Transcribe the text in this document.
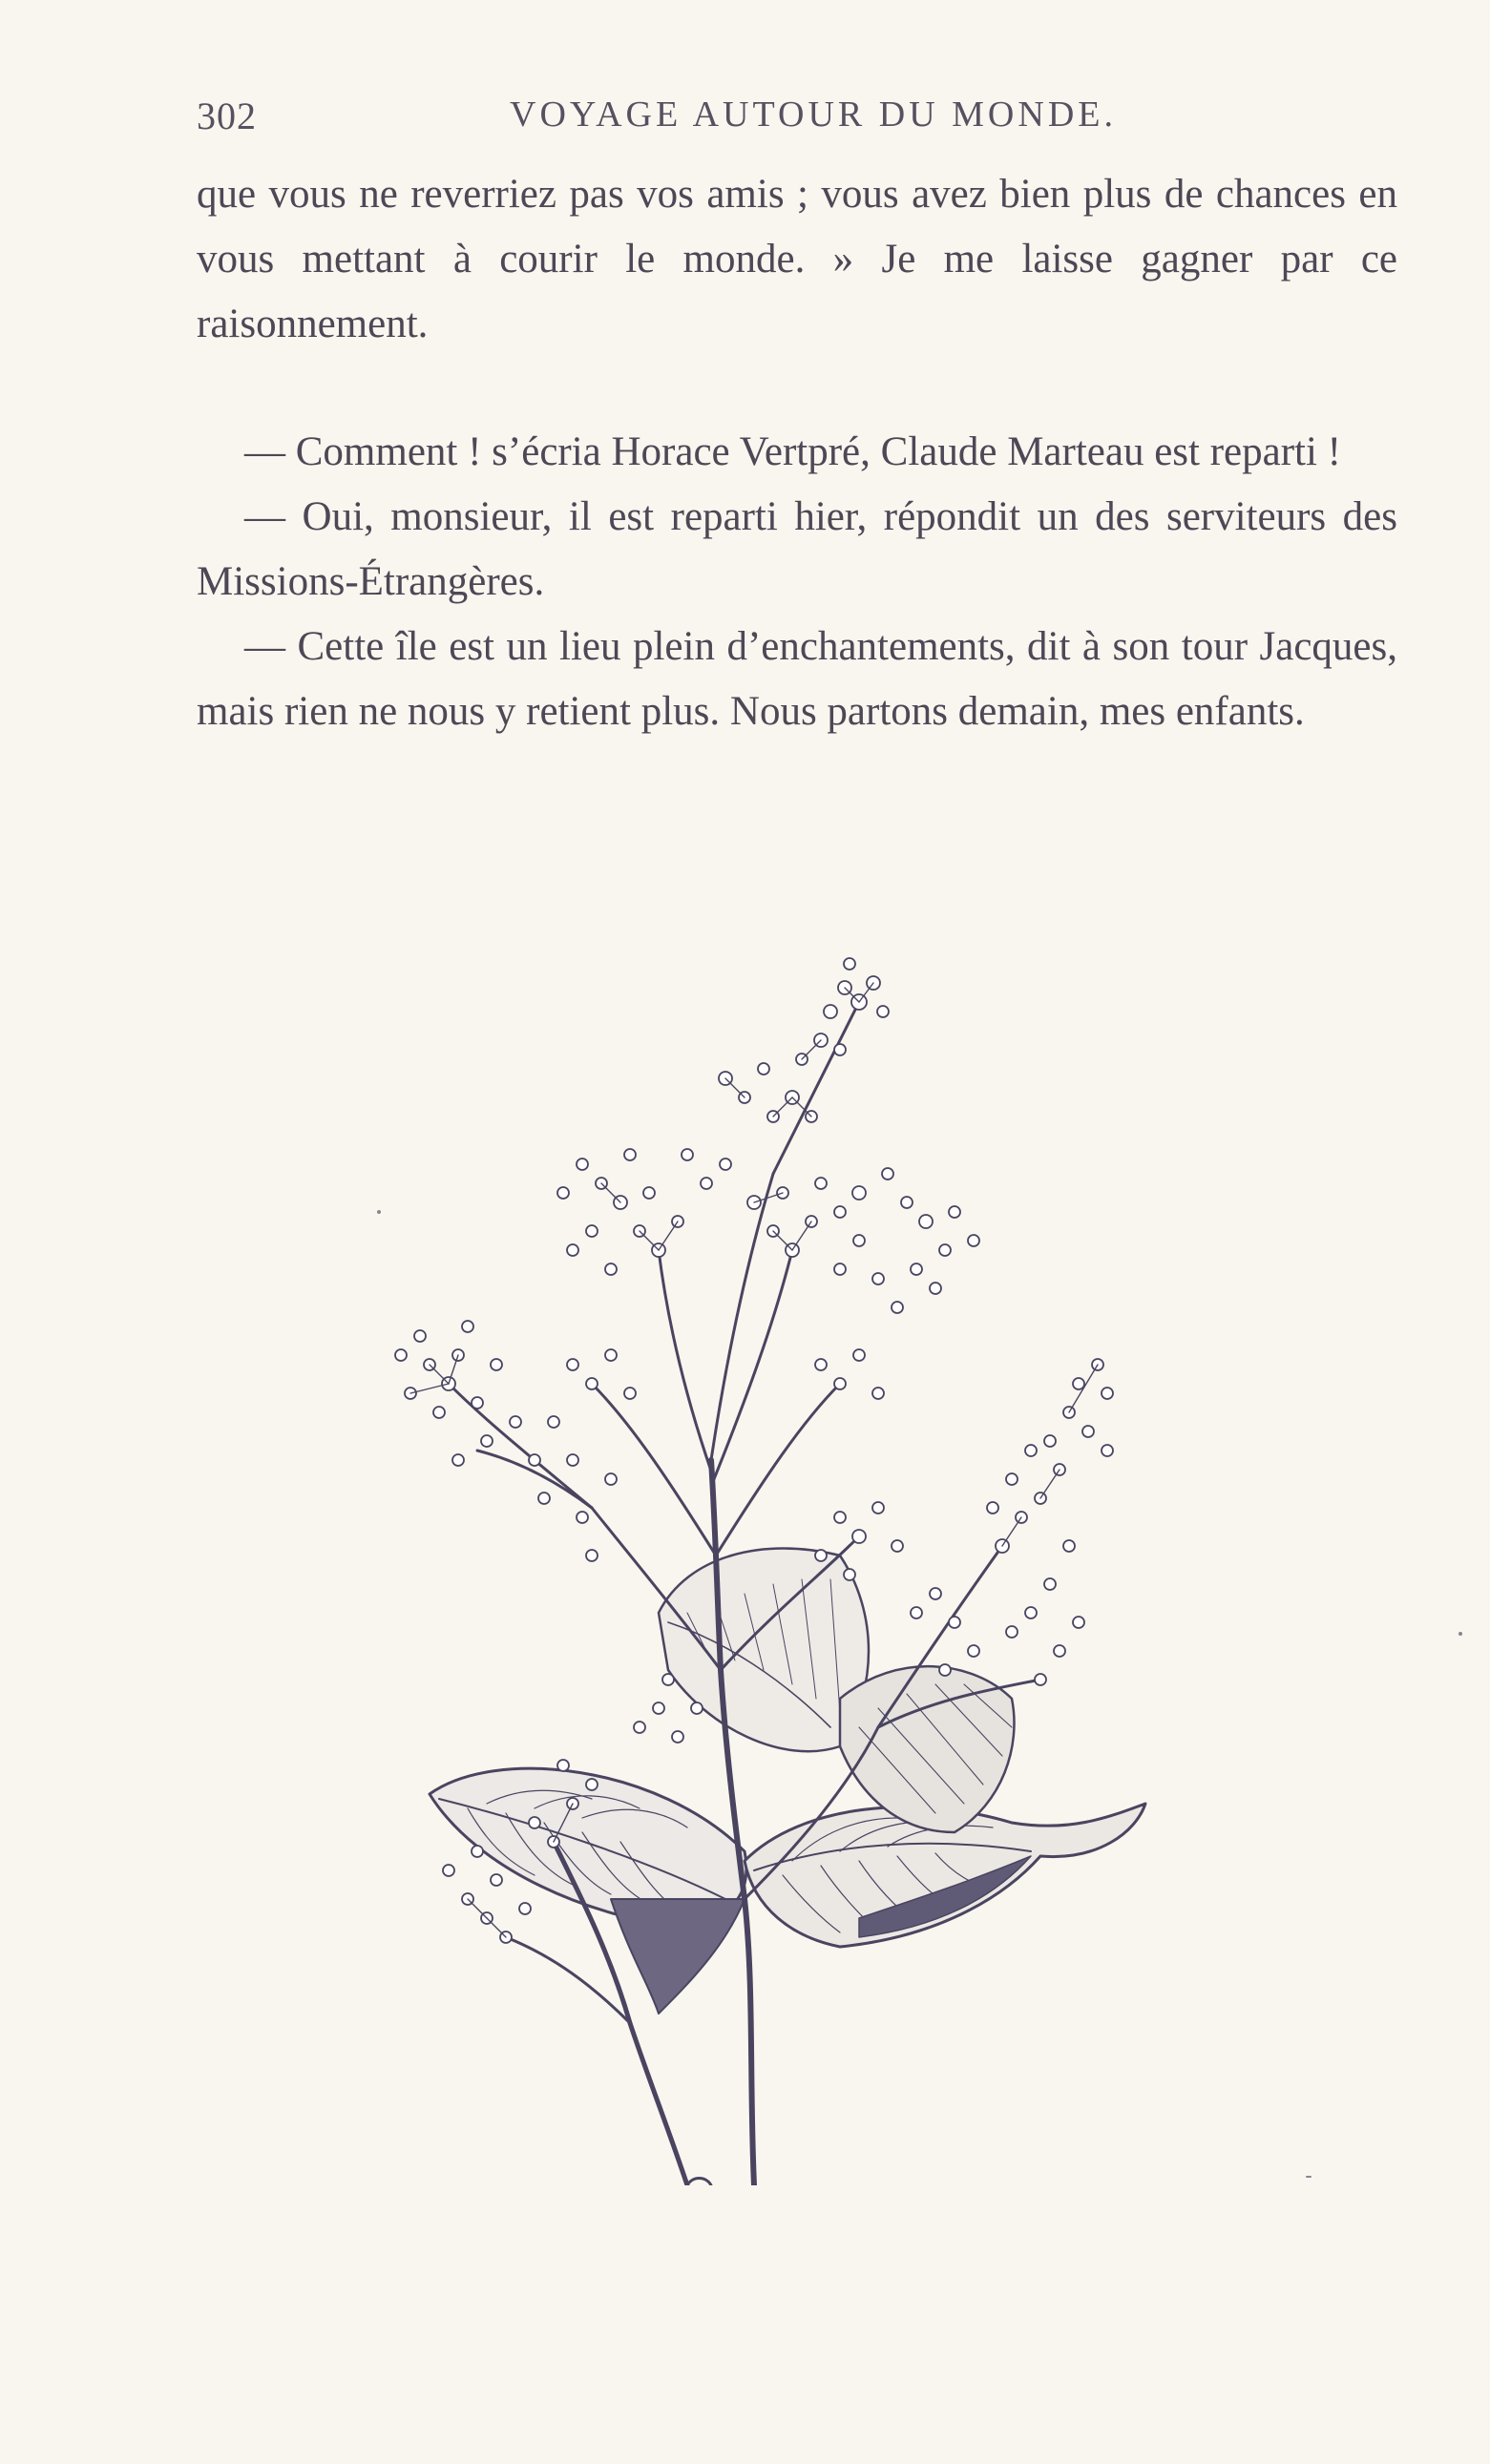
302	VOYAGE AUTOUR DU MONDE.

que vous ne reverriez pas vos amis ; vous avez bien plus de chances en vous mettant à courir le monde. » Je me laisse gagner par ce raisonnement.

— Comment ! s’écria Horace Vertpré, Claude Marteau est reparti !

— Oui, monsieur, il est reparti hier, répondit un des serviteurs des Missions-Étrangères.

— Cette île est un lieu plein d’enchantements, dit à son tour Jacques, mais rien ne nous y retient plus. Nous partons demain, mes enfants.
